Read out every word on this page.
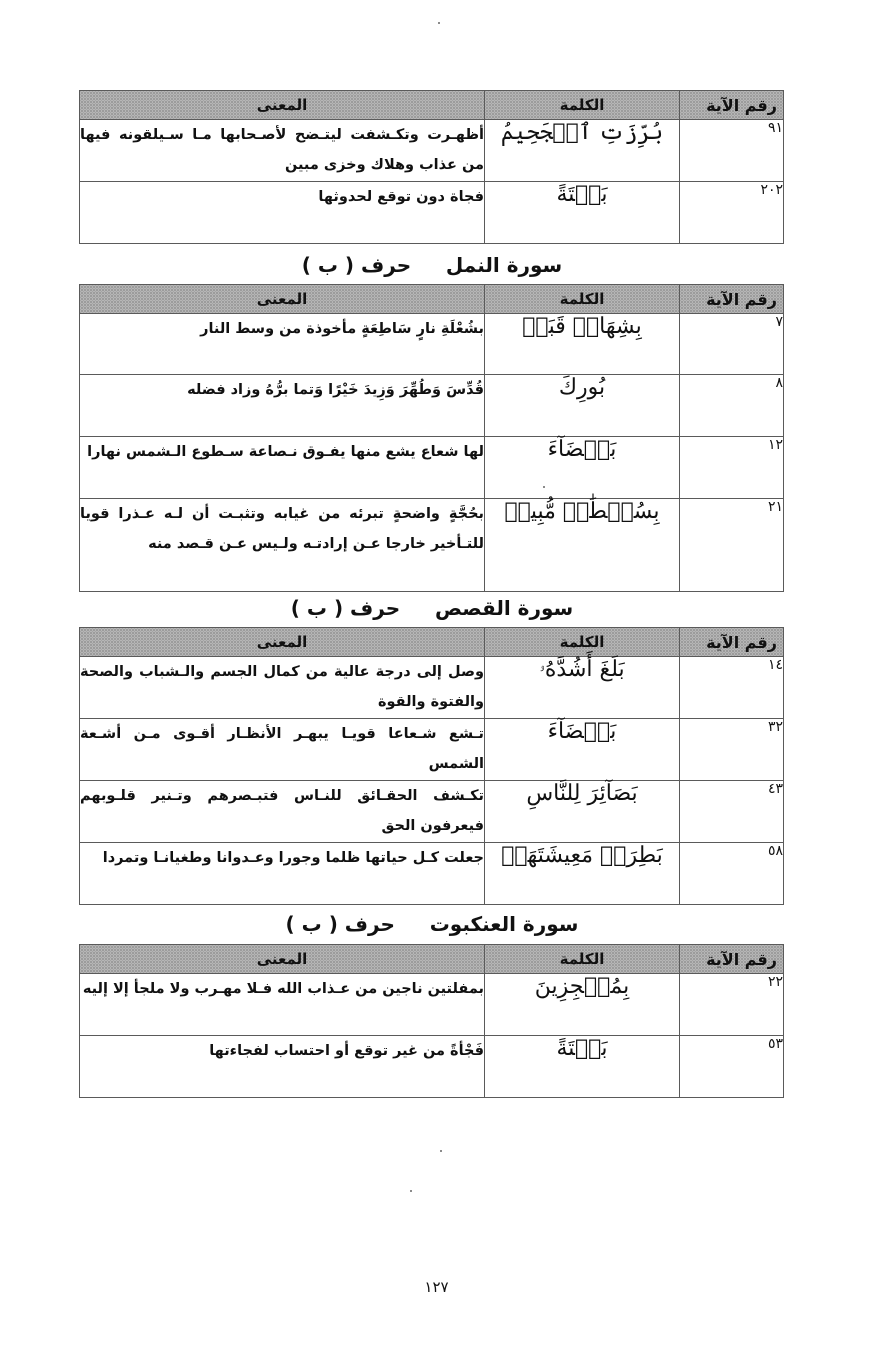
رقم الآية	الكلمة	المعنى
٩١	بُرِّزَتِ ٱلۡجَحِيمُ	أظهـرت وتكـشفت ليتـضح لأصـحابها مـا سـيلقونه فيها من عذاب وهلاك وخزى مبين
٢٠٢	بَغۡتَةً	فجاة دون توقع لحدوثها
سورة النمل     حرف ( ب )
رقم الآية	الكلمة	المعنى
٧	بِشِهَابٖ قَبَسٖ	بشُعْلَةِ نارٍ سَاطِعَةٍ مأخوذة من وسط النار
٨	بُورِكَ	قُدِّسَ وَطُهِّرَ وَزِيدَ خَيْرًا وَتما برُّهُ وزاد فضله
١٢	بَيۡضَآءَ	لها شعاع يشع منها يفـوق نـصاعة سـطوع الـشمس نهارا
٢١	بِسُلۡطَٰنٖ مُّبِينٖ	بحُجَّةٍ واضحةٍ تبرئه من غيابه وتثبـت أن لـه عـذرا قويا للتـأخير خارجا عـن إرادتـه ولـيس عـن قـصد منه
سورة القصص     حرف ( ب )
رقم الآية	الكلمة	المعنى
١٤	بَلَغَ أَشُدَّهُۥ	وصل إلى درجة عالية من كمال الجسم والـشباب والصحة والفتوة والقوة
٣٢	بَيۡضَآءَ	تـشع شـعاعا قويـا يبهـر الأنظـار أقـوى مـن أشـعة الشمس
٤٣	بَصَآئِرَ لِلنَّاسِ	تكـشف الحقـائق للنـاس فتبـصرهم وتـنير قلـوبهم فيعرفون الحق
٥٨	بَطِرَتۡ مَعِيشَتَهَاۖ	جعلت كـل حياتها ظلما وجورا وعـدوانا وطغيانـا وتمردا
سورة العنكبوت     حرف ( ب )
رقم الآية	الكلمة	المعنى
٢٢	بِمُعۡجِزِينَ	بمفلتين ناجين من عـذاب الله فـلا مهـرب ولا ملجأ إلا إليه
٥٣	بَغۡتَةً	فَجْأةً من غير توقع أو احتساب لفجاءتها
١٢٧
